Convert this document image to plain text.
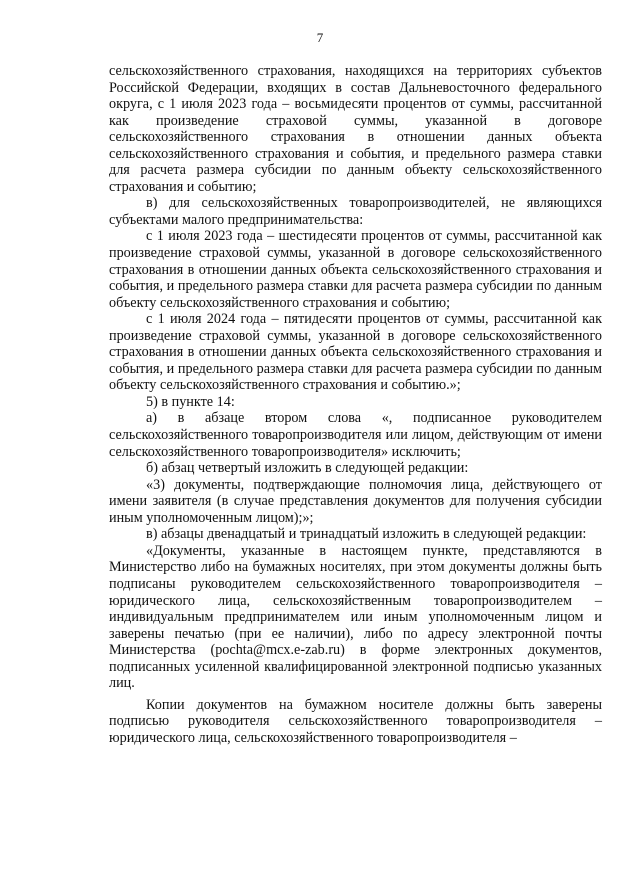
7

сельскохозяйственного страхования, находящихся на территориях субъектов Российской Федерации, входящих в состав Дальневосточного федерального округа, с 1 июля 2023 года – восьмидесяти процентов от суммы, рассчитанной как произведение страховой суммы, указанной в договоре сельскохозяйственного страхования в отношении данных объекта сельскохозяйственного страхования и события, и предельного размера ставки для расчета размера субсидии по данным объекту сельскохозяйственного страхования и событию;

в) для сельскохозяйственных товаропроизводителей, не являющихся субъектами малого предпринимательства:

с 1 июля 2023 года – шестидесяти процентов от суммы, рассчитанной как произведение страховой суммы, указанной в договоре сельскохозяйственного страхования в отношении данных объекта сельскохозяйственного страхования и события, и предельного размера ставки для расчета размера субсидии по данным объекту сельскохозяйственного страхования и событию;

с 1 июля 2024 года – пятидесяти процентов от суммы, рассчитанной как произведение страховой суммы, указанной в договоре сельскохозяйственного страхования в отношении данных объекта сельскохозяйственного страхования и события, и предельного размера ставки для расчета размера субсидии по данным объекту сельскохозяйственного страхования и событию.»;

5) в пункте 14:

а) в абзаце втором слова «, подписанное руководителем сельскохозяйственного товаропроизводителя или лицом, действующим от имени сельскохозяйственного товаропроизводителя» исключить;

б) абзац четвертый изложить в следующей редакции:

«3) документы, подтверждающие полномочия лица, действующего от имени заявителя (в случае представления документов для получения субсидии иным уполномоченным лицом);»;

в) абзацы двенадцатый и тринадцатый изложить в следующей редакции:

«Документы, указанные в настоящем пункте, представляются в Министерство либо на бумажных носителях, при этом документы должны быть подписаны руководителем сельскохозяйственного товаропроизводителя – юридического лица, сельскохозяйственным товаропроизводителем – индивидуальным предпринимателем или иным уполномоченным лицом и заверены печатью (при ее наличии), либо по адресу электронной почты Министерства (pochta@mcx.e-zab.ru) в форме электронных документов, подписанных усиленной квалифицированной электронной подписью указанных лиц.

Копии документов на бумажном носителе должны быть заверены подписью руководителя сельскохозяйственного товаропроизводителя – юридического лица, сельскохозяйственного товаропроизводителя –
